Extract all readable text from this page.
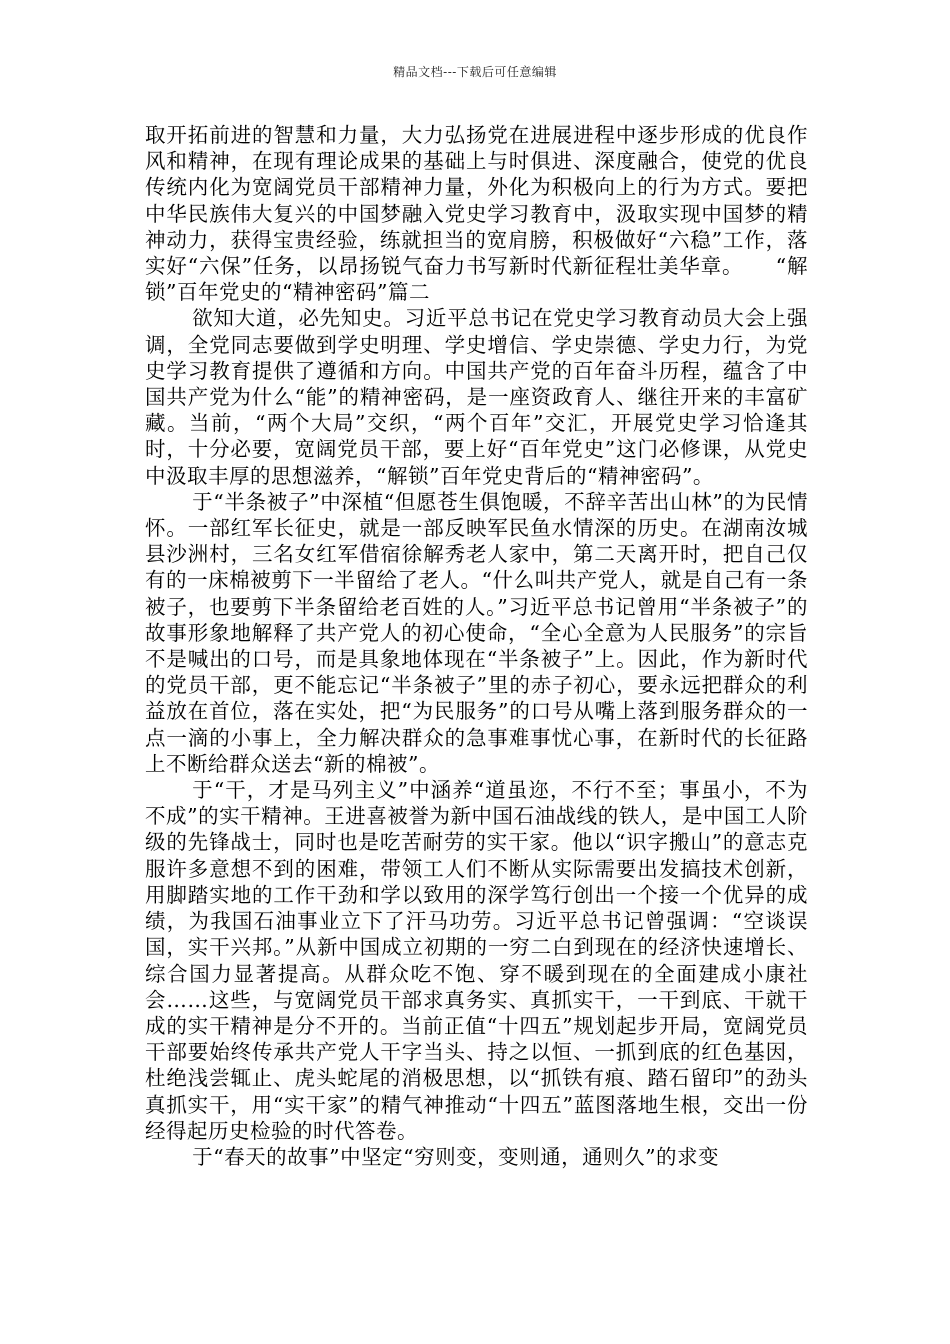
精品文档---下载后可任意编辑

取开拓前进的智慧和力量，大力弘扬党在进展进程中逐步形成的优良作风和精神，在现有理论成果的基础上与时俱进、深度融合，使党的优良传统内化为宽阔党员干部精神力量，外化为积极向上的行为方式。要把中华民族伟大复兴的中国梦融入党史学习教育中，汲取实现中国梦的精神动力，获得宝贵经验，练就担当的宽肩膀，积极做好“六稳”工作，落实好“六保”任务，以昂扬锐气奋力书写新时代新征程壮美华章。　　“解锁”百年党史的“精神密码”篇二

欲知大道，必先知史。习近平总书记在党史学习教育动员大会上强调，全党同志要做到学史明理、学史增信、学史崇德、学史力行，为党史学习教育提供了遵循和方向。中国共产党的百年奋斗历程，蕴含了中国共产党为什么“能”的精神密码，是一座资政育人、继往开来的丰富矿藏。当前，“两个大局”交织，“两个百年”交汇，开展党史学习恰逢其时，十分必要，宽阔党员干部，要上好“百年党史”这门必修课，从党史中汲取丰厚的思想滋养，“解锁”百年党史背后的“精神密码”。

于“半条被子”中深植“但愿苍生俱饱暖，不辞辛苦出山林”的为民情怀。一部红军长征史，就是一部反映军民鱼水情深的历史。在湖南汝城县沙洲村，三名女红军借宿徐解秀老人家中，第二天离开时，把自己仅有的一床棉被剪下一半留给了老人。“什么叫共产党人，就是自己有一条被子，也要剪下半条留给老百姓的人。”习近平总书记曾用“半条被子”的故事形象地解释了共产党人的初心使命，“全心全意为人民服务”的宗旨不是喊出的口号，而是具象地体现在“半条被子”上。因此，作为新时代的党员干部，更不能忘记“半条被子”里的赤子初心，要永远把群众的利益放在首位，落在实处，把“为民服务”的口号从嘴上落到服务群众的一点一滴的小事上，全力解决群众的急事难事忧心事，在新时代的长征路上不断给群众送去“新的棉被”。

于“干，才是马列主义”中涵养“道虽迩，不行不至；事虽小，不为不成”的实干精神。王进喜被誉为新中国石油战线的铁人，是中国工人阶级的先锋战士，同时也是吃苦耐劳的实干家。他以“识字搬山”的意志克服许多意想不到的困难，带领工人们不断从实际需要出发搞技术创新，用脚踏实地的工作干劲和学以致用的深学笃行创出一个接一个优异的成绩，为我国石油事业立下了汗马功劳。习近平总书记曾强调：“空谈误国，实干兴邦。”从新中国成立初期的一穷二白到现在的经济快速增长、综合国力显著提高。从群众吃不饱、穿不暖到现在的全面建成小康社会……这些，与宽阔党员干部求真务实、真抓实干，一干到底、干就干成的实干精神是分不开的。当前正值“十四五”规划起步开局，宽阔党员干部要始终传承共产党人干字当头、持之以恒、一抓到底的红色基因，杜绝浅尝辄止、虎头蛇尾的消极思想，以“抓铁有痕、踏石留印”的劲头真抓实干，用“实干家”的精气神推动“十四五”蓝图落地生根，交出一份经得起历史检验的时代答卷。

于“春天的故事”中坚定“穷则变，变则通，通则久”的求变
